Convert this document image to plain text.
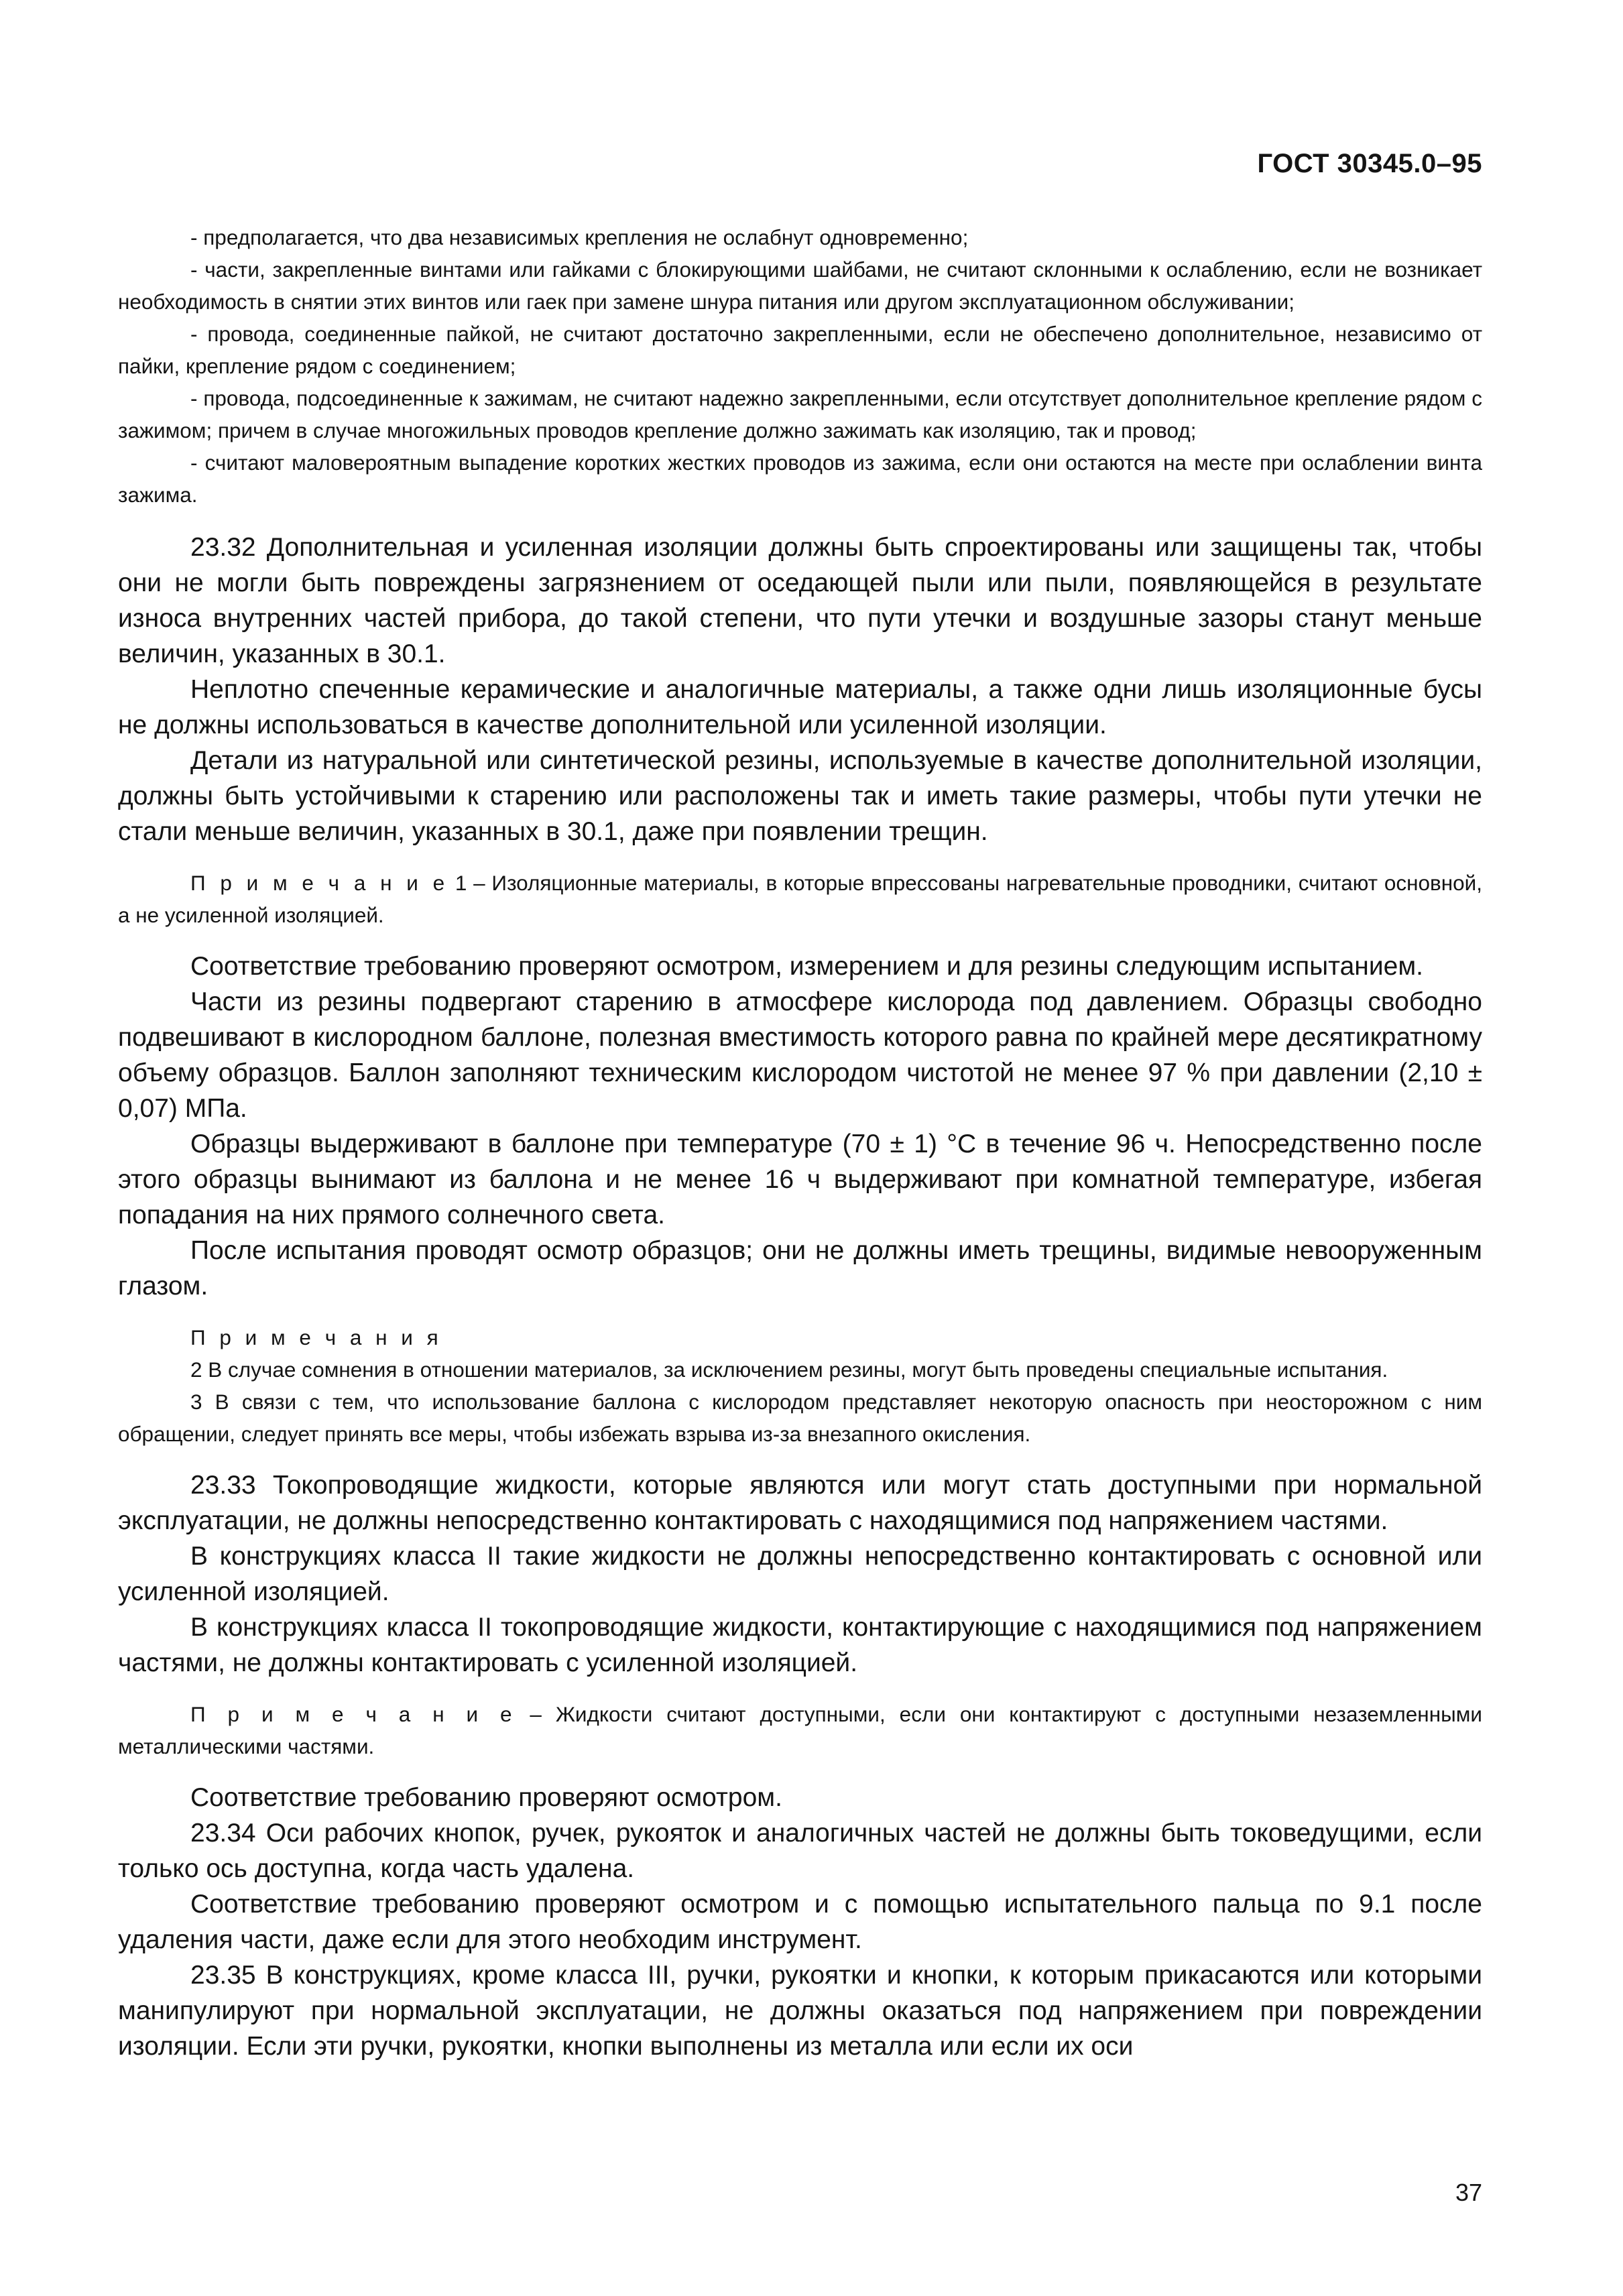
ГОСТ 30345.0–95

- предполагается, что два независимых крепления не ослабнут одновременно;

- части, закрепленные винтами или гайками с блокирующими шайбами, не считают склонными к ослаблению, если не возникает необходимость в снятии этих винтов или гаек при замене шнура питания или другом эксплуатационном обслуживании;

- провода, соединенные пайкой, не считают достаточно закрепленными, если не обеспечено дополнительное, независимо от пайки, крепление рядом с соединением;

- провода, подсоединенные к зажимам, не считают надежно закрепленными, если отсутствует дополнительное крепление рядом с зажимом; причем в случае многожильных проводов крепление должно зажимать как изоляцию, так и провод;

- считают маловероятным выпадение коротких жестких проводов из зажима, если они остаются на месте при ослаблении винта зажима.

23.32 Дополнительная и усиленная изоляции должны быть спроектированы или защищены так, чтобы они не могли быть повреждены загрязнением от оседающей пыли или пыли, появляющейся в результате износа внутренних частей прибора, до такой степени, что пути утечки и воздушные зазоры станут меньше величин, указанных в 30.1.

Неплотно спеченные керамические и аналогичные материалы, а также одни лишь изоляционные бусы не должны использоваться в качестве дополнительной или усиленной изоляции.

Детали из натуральной или синтетической резины, используемые в качестве дополнительной изоляции, должны быть устойчивыми к старению или расположены так и иметь такие размеры, чтобы пути утечки не стали меньше величин, указанных в 30.1, даже при появлении трещин.

П р и м е ч а н и е 1 – Изоляционные материалы, в которые впрессованы нагревательные проводники, считают основной, а не усиленной изоляцией.

Соответствие требованию проверяют осмотром, измерением и для резины следующим испытанием.

Части из резины подвергают старению в атмосфере кислорода под давлением. Образцы свободно подвешивают в кислородном баллоне, полезная вместимость которого равна по крайней мере десятикратному объему образцов. Баллон заполняют техническим кислородом чистотой не менее 97 % при давлении (2,10 ± 0,07) МПа.

Образцы выдерживают в баллоне при температуре (70 ± 1) °С в течение 96 ч. Непосредственно после этого образцы вынимают из баллона и не менее 16 ч выдерживают при комнатной температуре, избегая попадания на них прямого солнечного света.

После испытания проводят осмотр образцов; они не должны иметь трещины, видимые невооруженным глазом.

П р и м е ч а н и я

2 В случае сомнения в отношении материалов, за исключением резины, могут быть проведены специальные испытания.

3 В связи с тем, что использование баллона с кислородом представляет некоторую опасность при неосторожном с ним обращении, следует принять все меры, чтобы избежать взрыва из-за внезапного окисления.

23.33 Токопроводящие жидкости, которые являются или могут стать доступными при нормальной эксплуатации, не должны непосредственно контактировать с находящимися под напряжением частями.

В конструкциях класса II такие жидкости не должны непосредственно контактировать с основной или усиленной изоляцией.

В конструкциях класса II токопроводящие жидкости, контактирующие с находящимися под напряжением частями, не должны контактировать с усиленной изоляцией.

П р и м е ч а н и е – Жидкости считают доступными, если они контактируют с доступными незаземленными металлическими частями.

Соответствие требованию проверяют осмотром.

23.34 Оси рабочих кнопок, ручек, рукояток и аналогичных частей не должны быть токоведущими, если только ось доступна, когда часть удалена.

Соответствие требованию проверяют осмотром и с помощью испытательного пальца по 9.1 после удаления части, даже если для этого необходим инструмент.

23.35 В конструкциях, кроме класса III, ручки, рукоятки и кнопки, к которым прикасаются или которыми манипулируют при нормальной эксплуатации, не должны оказаться под напряжением при повреждении изоляции. Если эти ручки, рукоятки, кнопки выполнены из металла или если их оси

37
